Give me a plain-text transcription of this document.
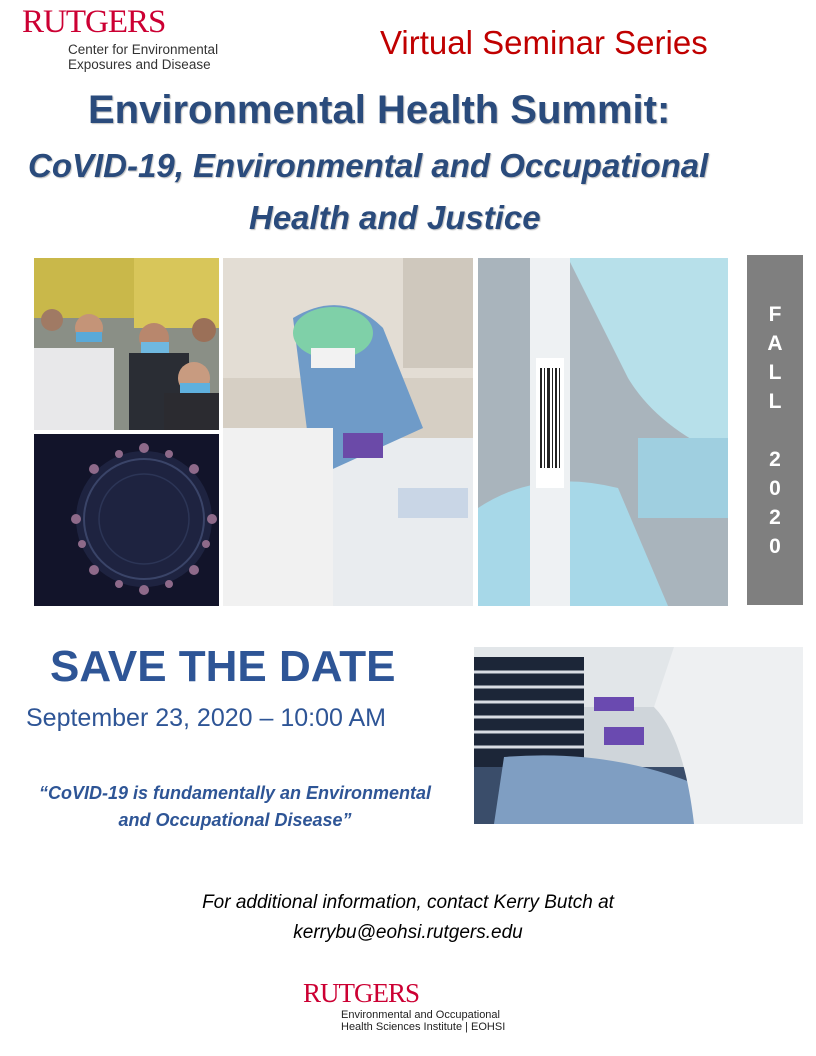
RUTGERS
Center for Environmental
Exposures and Disease
Virtual Seminar Series
Environmental Health Summit:
CoVID-19, Environmental and Occupational
Health and Justice
F
A
L
L
2
0
2
0
SAVE THE DATE
September 23, 2020 – 10:00 AM
“CoVID-19 is fundamentally an Environmental
and Occupational Disease”
For additional information, contact Kerry Butch at
kerrybu@eohsi.rutgers.edu
RUTGERS
Environmental and Occupational
Health Sciences Institute | EOHSI
